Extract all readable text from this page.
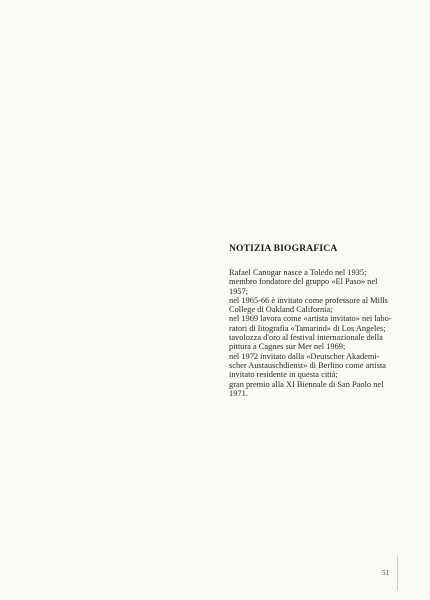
NOTIZIA BIOGRAFICA
Rafael Canogar nasce a Toledo nel 1935;
membro fondatore del gruppo «El Paso» nel
1957;
nel 1965-66 è invitato come professore al Mills
College di Oakland California;
nel 1969 lavora come «artista invitato» nei labo-
ratori di litografia «Tamarind» di Los Angeles;
tavolozza d'oro al festival internazionale della
pittura a Cagnes sur Mer nel 1969;
nel 1972 invitato dalla «Deutscher Akademi-
scher Austauschdienst» di Berlino come artista
invitato residente in questa città;
gran premio alla XI Biennale di San Paolo nel
1971.
51
